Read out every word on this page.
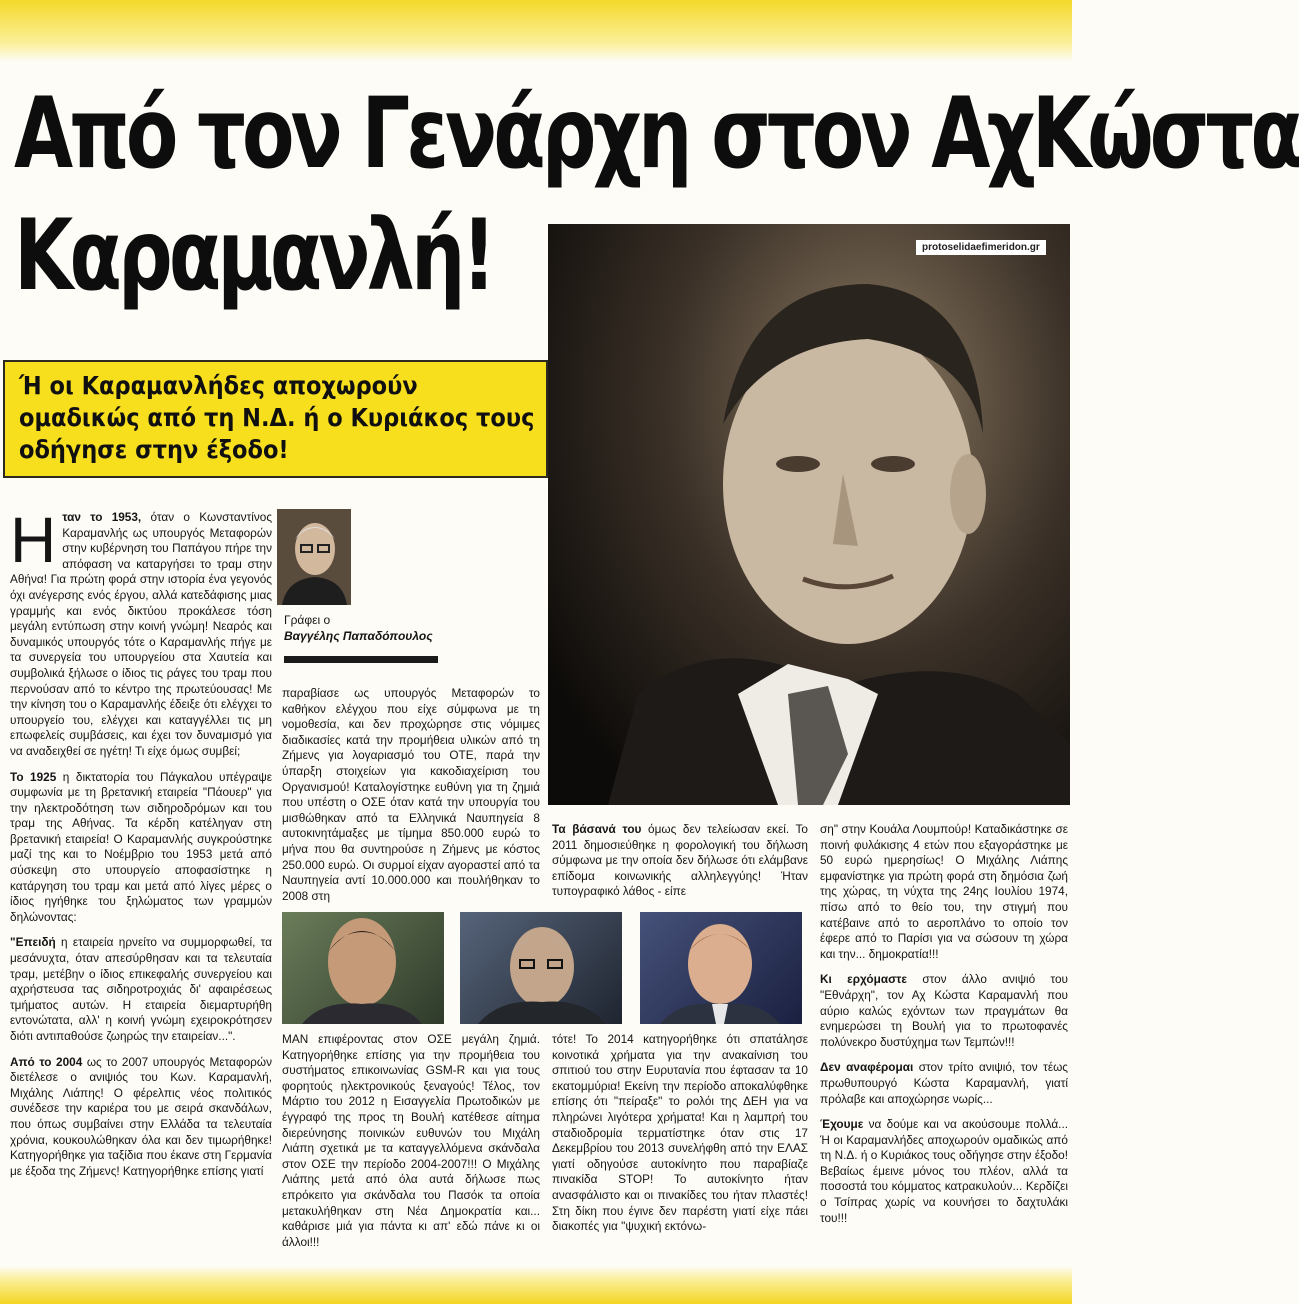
Από τον Γενάρχη στον ΑχΚώστα
Καραμανλή!
Ή οι Καραμανλήδες αποχωρούν ομαδικώς από τη Ν.Δ. ή ο Κυριάκος τους οδήγησε στην έξοδο!
protoselidaefimeridon.gr
Γράφει ο
Βαγγέλης Παπαδόπουλος

Ηταν το 1953, όταν ο Κωνσταντίνος Καραμανλής ως υπουργός Μεταφορών στην κυβέρνηση του Παπάγου πήρε την απόφαση να καταργήσει το τραμ στην Αθήνα! Για πρώτη φορά στην ιστορία ένα γεγονός όχι ανέγερσης ενός έργου, αλλά κατεδάφισης μιας γραμμής και ενός δικτύου προκάλεσε τόση μεγάλη εντύπωση στην κοινή γνώμη! Νεαρός και δυναμικός υπουργός τότε ο Καραμανλής πήγε με τα συνεργεία του υπουργείου στα Χαυτεία και συμβολικά ξήλωσε ο ίδιος τις ράγες του τραμ που περνούσαν από το κέντρο της πρωτεύουσας! Με την κίνηση του ο Καραμανλής έδειξε ότι ελέγχει το υπουργείο του, ελέγχει και καταγγέλλει τις μη επωφελείς συμβάσεις, και έχει τον δυναμισμό για να αναδειχθεί σε ηγέτη! Τι είχε όμως συμβεί;

Το 1925 η δικτατορία του Πάγκαλου υπέγραψε συμφωνία με τη βρετανική εταιρεία "Πάουερ" για την ηλεκτροδότηση των σιδηροδρόμων και του τραμ της Αθήνας. Τα κέρδη κατέληγαν στη βρετανική εταιρεία! Ο Καραμανλής συγκρούστηκε μαζί της και το Νοέμβριο του 1953 μετά από σύσκεψη στο υπουργείο αποφασίστηκε η κατάργηση του τραμ και μετά από λίγες μέρες ο ίδιος ηγήθηκε του ξηλώματος των γραμμών δηλώνοντας:

"Επειδή η εταιρεία ηρνείτο να συμμορφωθεί, τα μεσάνυχτα, όταν απεσύρθησαν και τα τελευταία τραμ, μετέβην ο ίδιος επικεφαλής συνεργείου και αχρήστευσα τας σιδηροτροχιάς δι' αφαιρέσεως τμήματος αυτών. Η εταιρεία διεμαρτυρήθη εντονώτατα, αλλ' η κοινή γνώμη εχειροκρότησεν διότι αντιπαθούσε ζωηρώς την εταιρείαν...".

Από το 2004 ως το 2007 υπουργός Μεταφορών διετέλεσε ο ανιψιός του Κων. Καραμανλή, Μιχάλης Λιάπης! Ο φέρελπις νέος πολιτικός συνέδεσε την καριέρα του με σειρά σκανδάλων, που όπως συμβαίνει στην Ελλάδα τα τελευταία χρόνια, κουκουλώθηκαν όλα και δεν τιμωρήθηκε! Κατηγορήθηκε για ταξίδια που έκανε στη Γερμανία με έξοδα της Ζήμενς! Κατηγορήθηκε επίσης γιατί

παραβίασε ως υπουργός Μεταφορών το καθήκον ελέγχου που είχε σύμφωνα με τη νομοθεσία, και δεν προχώρησε στις νόμιμες διαδικασίες κατά την προμήθεια υλικών από τη Ζήμενς για λογαριασμό του ΟΤΕ, παρά την ύπαρξη στοιχείων για κακοδιαχείριση του Οργανισμού! Καταλογίστηκε ευθύνη για τη ζημιά που υπέστη ο ΟΣΕ όταν κατά την υπουργία του μισθώθηκαν από τα Ελληνικά Ναυπηγεία 8 αυτοκινητάμαξες με τίμημα 850.000 ευρώ το μήνα που θα συντηρούσε η Ζήμενς με κόστος 250.000 ευρώ. Οι συρμοί είχαν αγοραστεί από τα Ναυπηγεία αντί 10.000.000 και πουλήθηκαν το 2008 στη

ΜΑΝ επιφέροντας στον ΟΣΕ μεγάλη ζημιά. Κατηγορήθηκε επίσης για την προμήθεια του συστήματος επικοινωνίας GSM-R και για τους φορητούς ηλεκτρονικούς ξεναγούς! Τέλος, τον Μάρτιο του 2012 η Εισαγγελία Πρωτοδικών με έγγραφό της προς τη Βουλή κατέθεσε αίτημα διερεύνησης ποινικών ευθυνών του Μιχάλη Λιάπη σχετικά με τα καταγγελλόμενα σκάνδαλα στον ΟΣΕ την περίοδο 2004-2007!!! Ο Μιχάλης Λιάπης μετά από όλα αυτά δήλωσε πως επρόκειτο για σκάνδαλα του Πασόκ τα οποία μετακυλήθηκαν στη Νέα Δημοκρατία και... καθάρισε μιά για πάντα κι απ' εδώ πάνε κι οι άλλοι!!!

Τα βάσανά του όμως δεν τελείωσαν εκεί. Το 2011 δημοσιεύθηκε η φορολογική του δήλωση σύμφωνα με την οποία δεν δήλωσε ότι ελάμβανε επίδομα κοινωνικής αλληλεγγύης! Ήταν τυπογραφικό λάθος - είπε

τότε! Το 2014 κατηγορήθηκε ότι σπατάλησε κοινοτικά χρήματα για την ανακαίνιση του σπιτιού του στην Ευρυτανία που έφτασαν τα 10 εκατομμύρια! Εκείνη την περίοδο αποκαλύφθηκε επίσης ότι "πείραξε" το ρολόι της ΔΕΗ για να πληρώνει λιγότερα χρήματα! Και η λαμπρή του σταδιοδρομία τερματίστηκε όταν στις 17 Δεκεμβρίου του 2013 συνελήφθη από την ΕΛΑΣ γιατί οδηγούσε αυτοκίνητο που παραβίαζε πινακίδα STOP! Το αυτοκίνητο ήταν ανασφάλιστο και οι πινακίδες του ήταν πλαστές! Στη δίκη που έγινε δεν παρέστη γιατί είχε πάει διακοπές για "ψυχική εκτόνω-

ση" στην Κουάλα Λουμπούρ! Καταδικάστηκε σε ποινή φυλάκισης 4 ετών που εξαγοράστηκε με 50 ευρώ ημερησίως! Ο Μιχάλης Λιάπης εμφανίστηκε για πρώτη φορά στη δημόσια ζωή της χώρας, τη νύχτα της 24ης Ιουλίου 1974, πίσω από το θείο του, την στιγμή που κατέβαινε από το αεροπλάνο το οποίο τον έφερε από το Παρίσι για να σώσουν τη χώρα και την... δημοκρατία!!!

Κι ερχόμαστε στον άλλο ανιψιό του "Εθνάρχη", τον Αχ Κώστα Καραμανλή που αύριο καλώς εχόντων των πραγμάτων θα ενημερώσει τη Βουλή για το πρωτοφανές πολύνεκρο δυστύχημα των Τεμπών!!!

Δεν αναφέρομαι στον τρίτο ανιψιό, τον τέως πρωθυπουργό Κώστα Καραμανλή, γιατί πρόλαβε και αποχώρησε νωρίς...

Έχουμε να δούμε και να ακούσουμε πολλά... Ή οι Καραμανλήδες αποχωρούν ομαδικώς από τη Ν.Δ. ή ο Κυριάκος τους οδήγησε στην έξοδο! Βεβαίως έμεινε μόνος του πλέον, αλλά τα ποσοστά του κόμματος κατρακυλούν... Κερδίζει ο Τσίπρας χωρίς να κουνήσει το δαχτυλάκι του!!!
